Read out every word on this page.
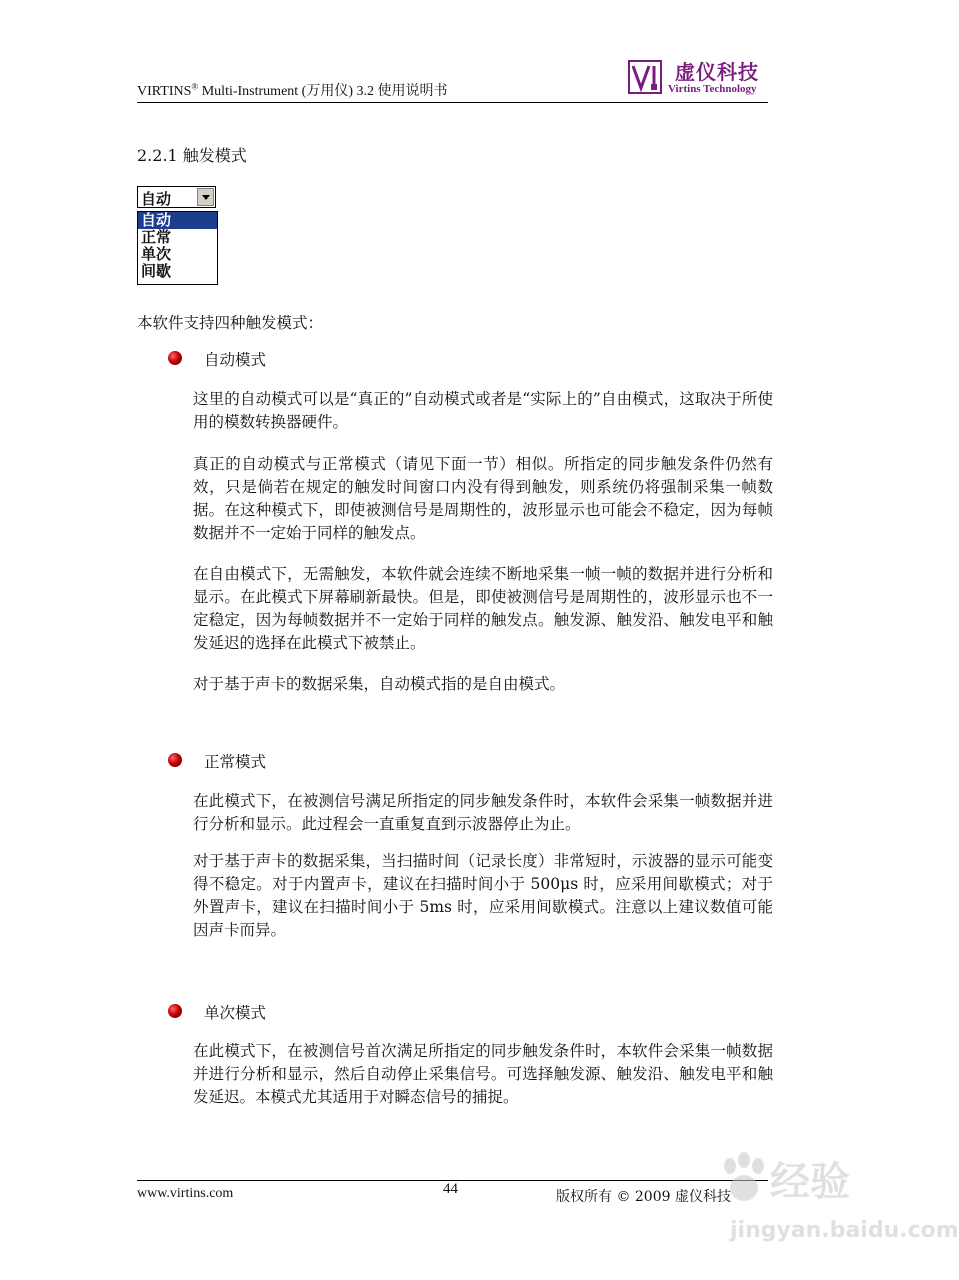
VIRTINS® Multi-Instrument (万用仪) 3.2 使用说明书
虚仪科技
Virtins Technology
2.2.1 触发模式
自动
自动
正常
单次
间歇
本软件支持四种触发模式：
自动模式
这里的自动模式可以是“真正的”自动模式或者是“实际上的”自由模式，这取决于所使用的模数转换器硬件。
真正的自动模式与正常模式（请见下面一节）相似。所指定的同步触发条件仍然有效，只是倘若在规定的触发时间窗口内没有得到触发，则系统仍将强制采集一帧数据。在这种模式下，即使被测信号是周期性的，波形显示也可能会不稳定，因为每帧数据并不一定始于同样的触发点。
在自由模式下，无需触发，本软件就会连续不断地采集一帧一帧的数据并进行分析和显示。在此模式下屏幕刷新最快。但是，即使被测信号是周期性的，波形显示也不一定稳定，因为每帧数据并不一定始于同样的触发点。触发源、触发沿、触发电平和触发延迟的选择在此模式下被禁止。
对于基于声卡的数据采集，自动模式指的是自由模式。
正常模式
在此模式下，在被测信号满足所指定的同步触发条件时，本软件会采集一帧数据并进行分析和显示。此过程会一直重复直到示波器停止为止。
对于基于声卡的数据采集，当扫描时间（记录长度）非常短时，示波器的显示可能变得不稳定。对于内置声卡，建议在扫描时间小于 500μs 时，应采用间歇模式；对于外置声卡，建议在扫描时间小于 5ms 时，应采用间歇模式。注意以上建议数值可能因声卡而异。
单次模式
在此模式下，在被测信号首次满足所指定的同步触发条件时，本软件会采集一帧数据并进行分析和显示，然后自动停止采集信号。可选择触发源、触发沿、触发电平和触发延迟。本模式尤其适用于对瞬态信号的捕捉。
www.virtins.com	44	版权所有 © 2009 虚仪科技 经验
jingyan.baidu.com
